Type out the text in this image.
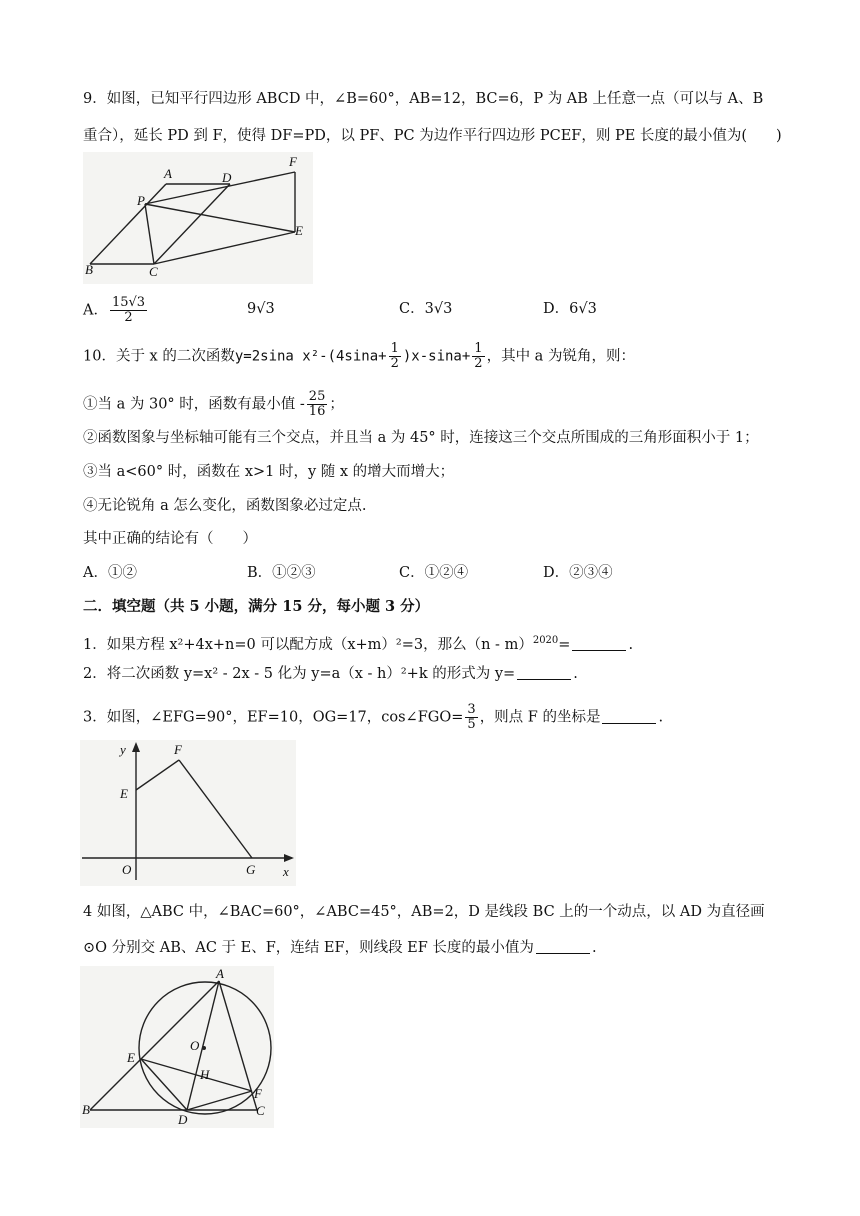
9．如图，已知平行四边形 ABCD 中，∠B=60°，AB=12，BC=6，P 为 AB 上任意一点（可以与 A、B
重合），延长 PD 到 F，使得 DF=PD，以 PF、PC 为边作平行四边形 PCEF，则 PE 长度的最小值为(　　)
A	D
F
P
E
B	C
A． $\frac{15√3}{2}$	9√3	C．3√3	D．6√3
10．关于 x 的二次函数y=2sina $x^2-(4\sin a+ \frac{1}{2} )x-\sin a+ \frac{1}{2}$ ，其中 a 为锐角，则：
①当 a 为 30° 时，函数有最小值 - $\frac{25}{16}$ ；
②函数图象与坐标轴可能有三个交点，并且当 a 为 45° 时，连接这三个交点所围成的三角形面积小于 1；
③当 a<60° 时，函数在 x>1 时，y 随 x 的增大而增大；
④无论锐角 a 怎么变化，函数图象必过定点.
其中正确的结论有（　　）
A．①②	B．①②③	C．①②④	D．②③④
二．填空题（共 5 小题，满分 15 分，每小题 3 分）
1．如果方程 x²+4x+n=0 可以配方成（x+m）²=3，那么（n - m）$^{2020}$=	.
2．将二次函数 y=x² - 2x - 5 化为 y=a（x - h）²+k 的形式为 y=	.
3．如图，∠EFG=90°，EF=10，OG=17，cos∠FGO= $\frac{3}{5}$ ，则点 F 的坐标是	.
y	F
E
O	G x
4 如图，△ABC 中，∠BAC=60°，∠ABC=45°，AB=2，D 是线段 BC 上的一个动点，以 AD 为直径画
⊙O 分别交 AB、AC 于 E、F，连结 EF，则线段 EF 长度的最小值为	.
A
O
E
H
F
B	C
D
